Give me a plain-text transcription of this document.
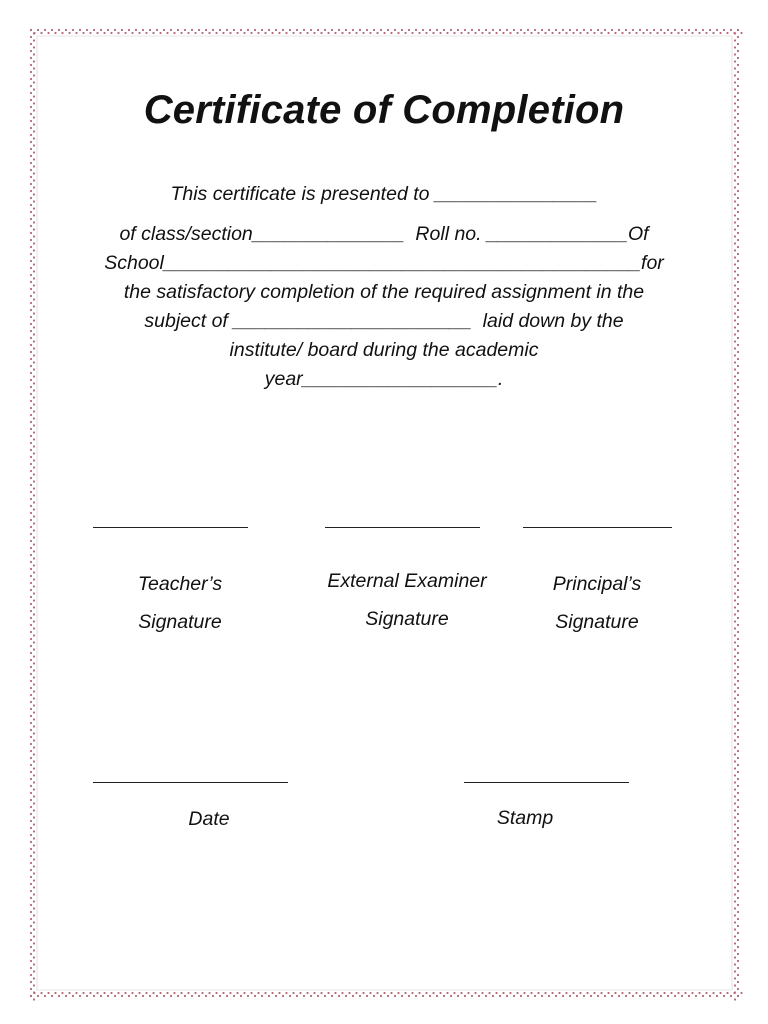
Certificate of Completion
This certificate is presented to _______________
of class/section______________  Roll no. _____________Of
School____________________________________________for
the satisfactory completion of the required assignment in the
subject of ______________________  laid down by the
institute/ board during the academic
year__________________.
Teacher’s
Signature
External Examiner
Signature
Principal’s
Signature
Date	Stamp
